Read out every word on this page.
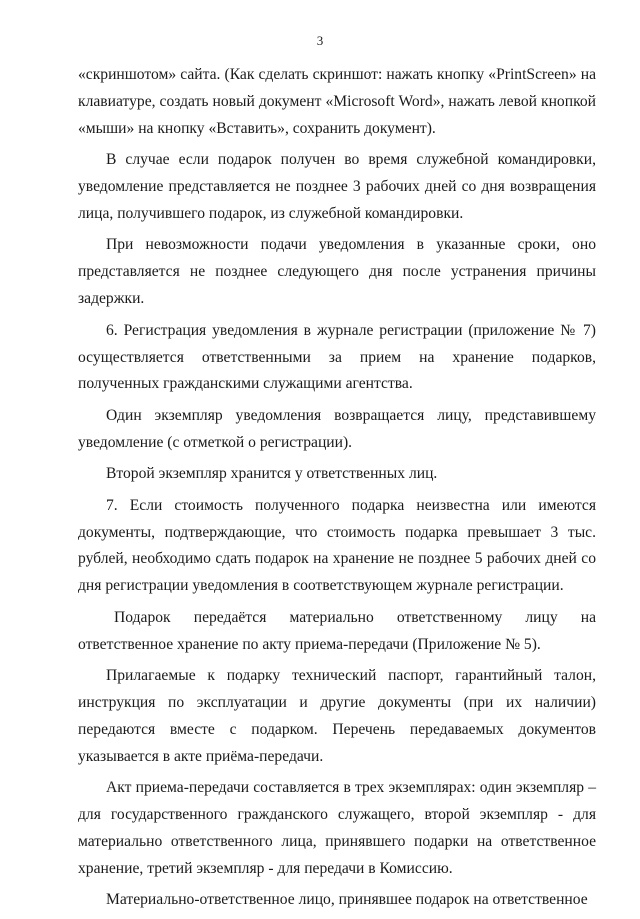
3

«скриншотом» сайта. (Как сделать скриншот: нажать кнопку «PrintScreen» на клавиатуре, создать новый документ «Microsoft Word», нажать левой кнопкой «мыши» на кнопку «Вставить», сохранить документ).

В случае если подарок получен во время служебной командировки, уведомление представляется не позднее 3 рабочих дней со дня возвращения лица, получившего подарок, из служебной командировки.

При невозможности подачи уведомления в указанные сроки, оно представляется не позднее следующего дня после устранения причины задержки.

6. Регистрация уведомления в журнале регистрации (приложение № 7) осуществляется ответственными за прием на хранение подарков, полученных гражданскими служащими агентства.

Один экземпляр уведомления возвращается лицу, представившему уведомление (с отметкой о регистрации).

Второй экземпляр хранится у ответственных лиц.

7. Если стоимость полученного подарка неизвестна или имеются документы, подтверждающие, что стоимость подарка превышает 3 тыс. рублей, необходимо сдать подарок на хранение не позднее 5 рабочих дней со дня регистрации уведомления в соответствующем журнале регистрации.

Подарок передаётся материально ответственному лицу на ответственное хранение по акту приема-передачи (Приложение № 5).

Прилагаемые к подарку технический паспорт, гарантийный талон, инструкция по эксплуатации и другие документы (при их наличии) передаются вместе с подарком. Перечень передаваемых документов указывается в акте приёма-передачи.

Акт приема-передачи составляется в трех экземплярах: один экземпляр – для государственного гражданского служащего, второй экземпляр - для материально ответственного лица, принявшего подарки на ответственное хранение, третий экземпляр - для передачи в Комиссию.

Материально-ответственное лицо, принявшее подарок на ответственное
